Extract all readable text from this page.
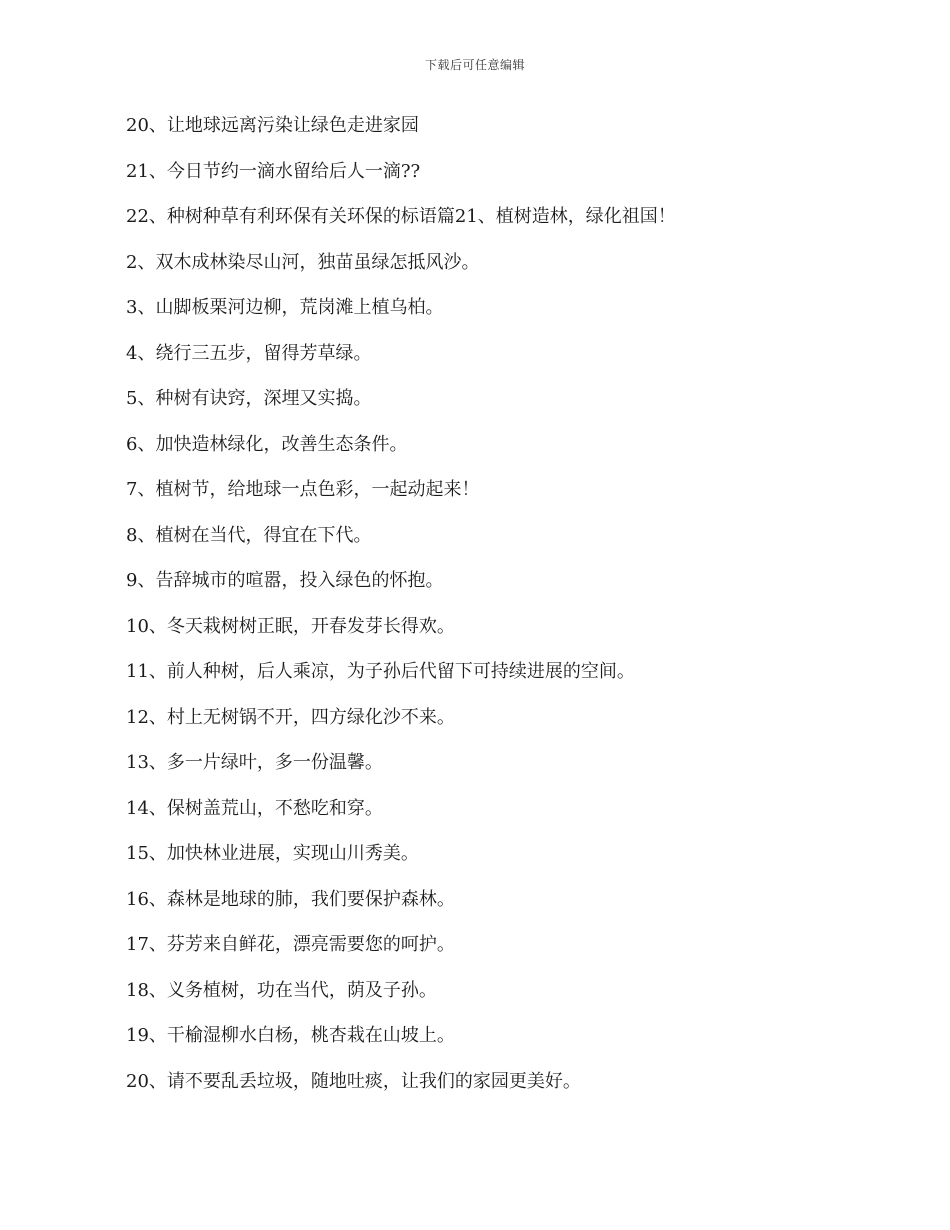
下载后可任意编辑
20、让地球远离污染让绿色走进家园
21、今日节约一滴水留给后人一滴??
22、种树种草有利环保有关环保的标语篇21、植树造林，绿化祖国！
2、双木成林染尽山河，独苗虽绿怎抵风沙。
3、山脚板栗河边柳，荒岗滩上植乌柏。
4、绕行三五步，留得芳草绿。
5、种树有诀窍，深埋又实捣。
6、加快造林绿化，改善生态条件。
7、植树节，给地球一点色彩，一起动起来！
8、植树在当代，得宜在下代。
9、告辞城市的喧嚣，投入绿色的怀抱。
10、冬天栽树树正眠，开春发芽长得欢。
11、前人种树，后人乘凉，为子孙后代留下可持续进展的空间。
12、村上无树锅不开，四方绿化沙不来。
13、多一片绿叶，多一份温馨。
14、保树盖荒山，不愁吃和穿。
15、加快林业进展，实现山川秀美。
16、森林是地球的肺，我们要保护森林。
17、芬芳来自鲜花，漂亮需要您的呵护。
18、义务植树，功在当代，荫及子孙。
19、干榆湿柳水白杨，桃杏栽在山坡上。
20、请不要乱丢垃圾，随地吐痰，让我们的家园更美好。
